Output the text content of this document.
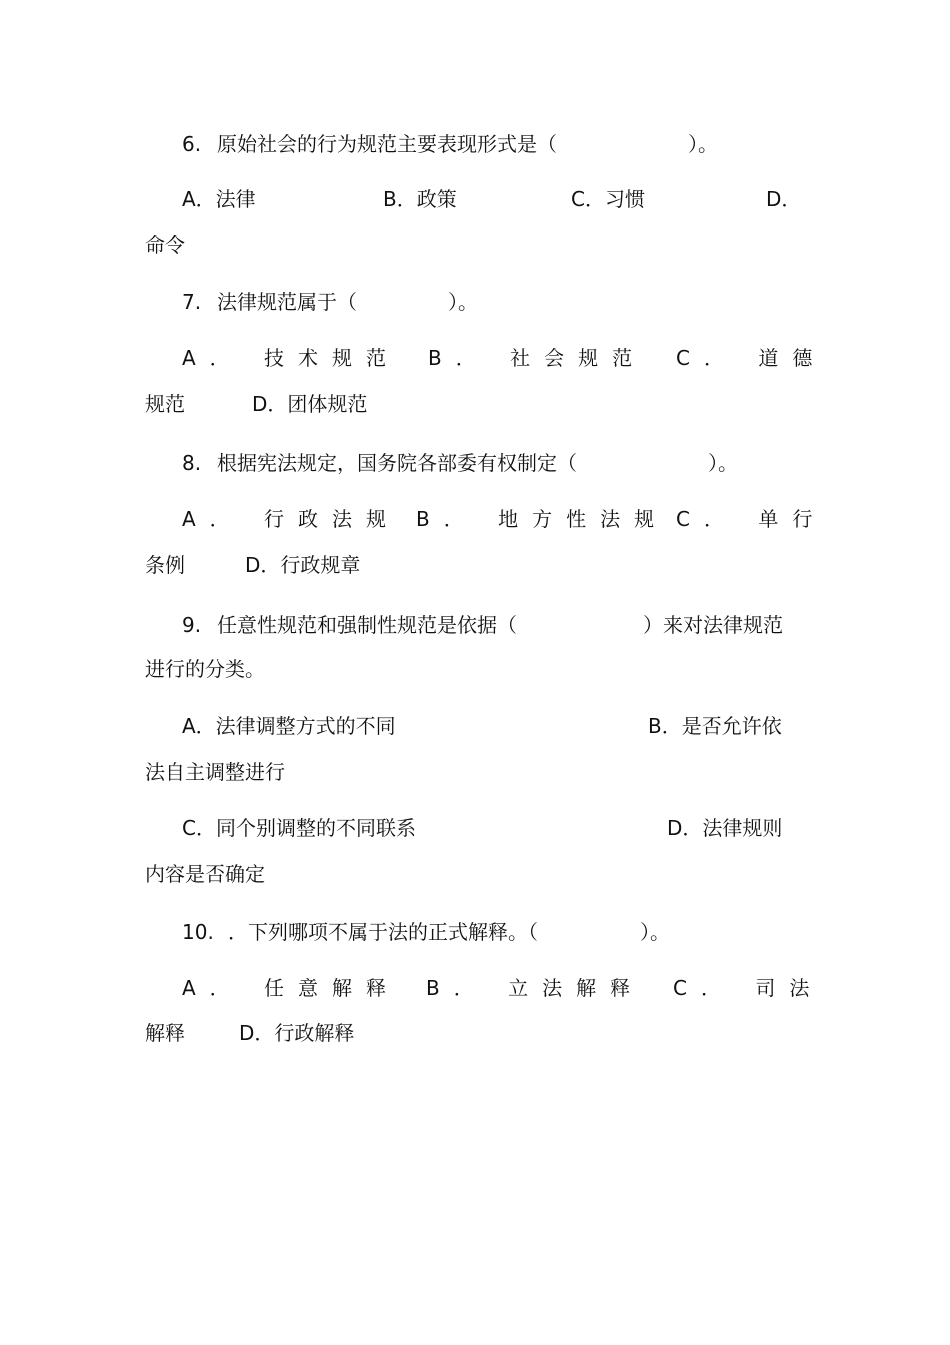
6. 原始社会的行为规范主要表现形式是（	）。
A．法律	B．政策	C．习惯	D．
命令
7. 法律规范属于（	）。
A． 技术规范 B． 社会规范 C． 道德
规范	D．团体规范
8. 根据宪法规定，国务院各部委有权制定（	）。
A． 行政法规 B． 地方性法规 C． 单行
条例	D．行政规章
9. 任意性规范和强制性规范是依据（	）来对法律规范
进行的分类。
A．法律调整方式的不同	B．是否允许依
法自主调整进行
C．同个别调整的不同联系	D．法律规则
内容是否确定
10. ．下列哪项不属于法的正式解释。（	）。
A． 任意解释 B． 立法解释 C． 司法
解释	D．行政解释
